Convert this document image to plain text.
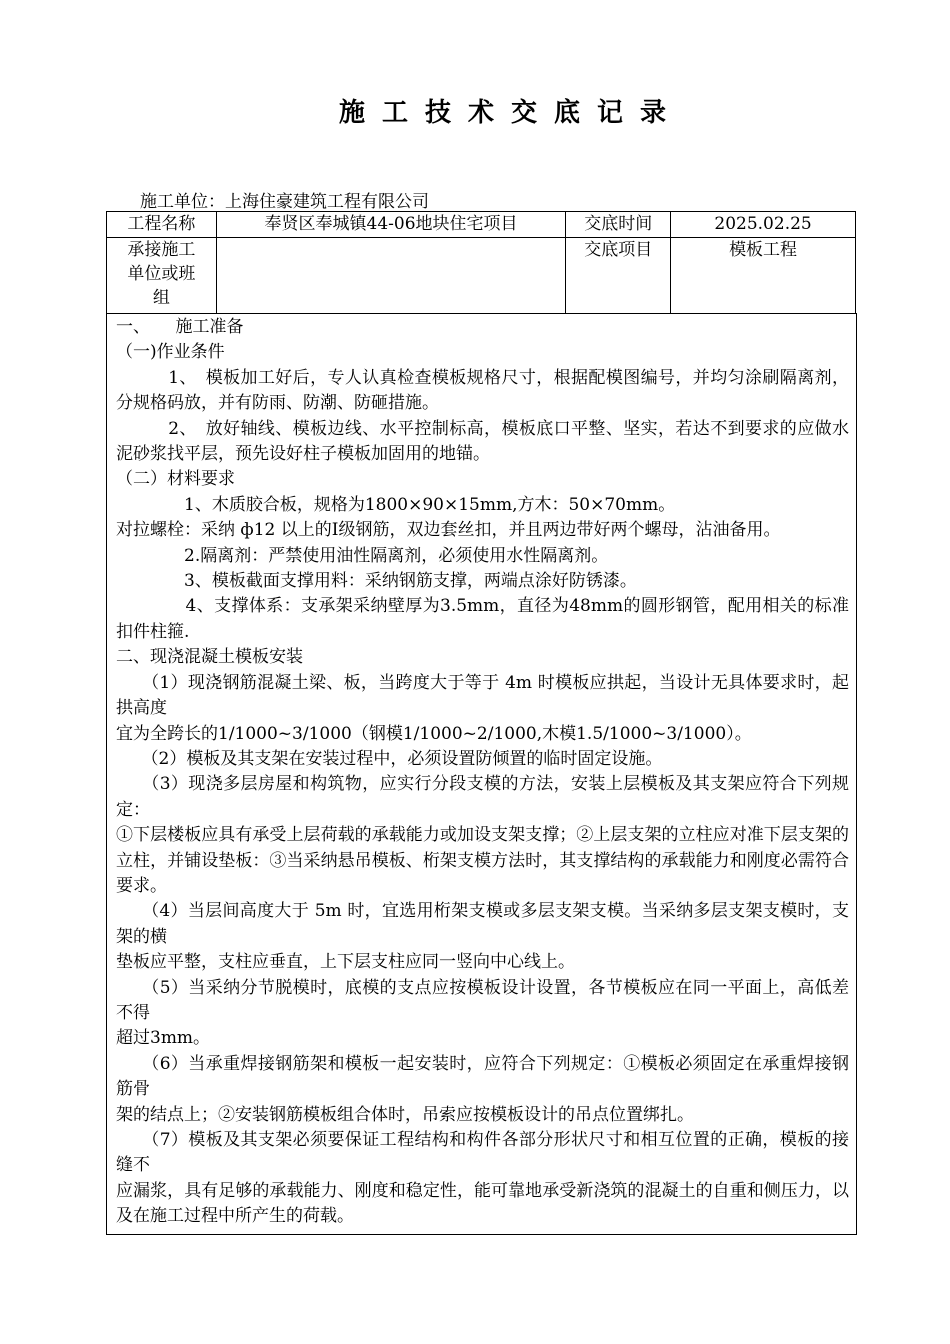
施工技术交底记录
施工单位：上海住豪建筑工程有限公司
工程名称	奉贤区奉城镇44-06地块住宅项目	交底时间	2025.02.25

承接施工
单位或班
组		交底项目	模板工程

一、　　施工准备

（一)作业条件

　　　1、　模板加工好后，专人认真检查模板规格尺寸，根据配模图编号，并均匀涂刷隔离剂，分规格码放，并有防雨、防潮、防砸措施。

　　　2、　放好轴线、模板边线、水平控制标高，模板底口平整、坚实，若达不到要求的应做水泥砂浆找平层，预先设好柱子模板加固用的地锚。

（二）材料要求

　　　　1、木质胶合板，规格为1800×90×15mm,方木：50×70mm。

对拉螺栓：采纳 ф12 以上的Ⅰ级钢筋，双边套丝扣，并且两边带好两个螺母，沾油备用。

　　　　2.隔离剂：严禁使用油性隔离剂，必须使用水性隔离剂。

　　　　3、模板截面支撑用料：采纳钢筋支撑，两端点涂好防锈漆。

　　　　4、支撑体系：支承架采纳壁厚为3.5mm，直径为48mm的圆形钢管，配用相关的标准扣件柱箍.

二、现浇混凝土模板安装

　　（1）现浇钢筋混凝土梁、板，当跨度大于等于 4m 时模板应拱起，当设计无具体要求时，起拱高度

宜为全跨长的1/1000~3/1000（钢模1/1000~2/1000,木模1.5/1000~3/1000）。

　　（2）模板及其支架在安装过程中，必须设置防倾置的临时固定设施。

　　（3）现浇多层房屋和构筑物，应实行分段支模的方法，安装上层模板及其支架应符合下列规定：

①下层楼板应具有承受上层荷载的承载能力或加设支架支撑；②上层支架的立柱应对准下层支架的立柱，并铺设垫板：③当采纳悬吊模板、桁架支模方法时，其支撑结构的承载能力和刚度必需符合要求。

　　（4）当层间高度大于 5m 时，宜选用桁架支模或多层支架支模。当采纳多层支架支模时，支架的横

垫板应平整，支柱应垂直，上下层支柱应同一竖向中心线上。

　　（5）当采纳分节脱模时，底模的支点应按模板设计设置，各节模板应在同一平面上，高低差不得

超过3mm。

　　（6）当承重焊接钢筋架和模板一起安装时，应符合下列规定：①模板必须固定在承重焊接钢筋骨

架的结点上；②安装钢筋模板组合体时，吊索应按模板设计的吊点位置绑扎。

　　（7）模板及其支架必须要保证工程结构和构件各部分形状尺寸和相互位置的正确，模板的接缝不

应漏浆，具有足够的承载能力、刚度和稳定性，能可靠地承受新浇筑的混凝土的自重和侧压力，以及在施工过程中所产生的荷载。
